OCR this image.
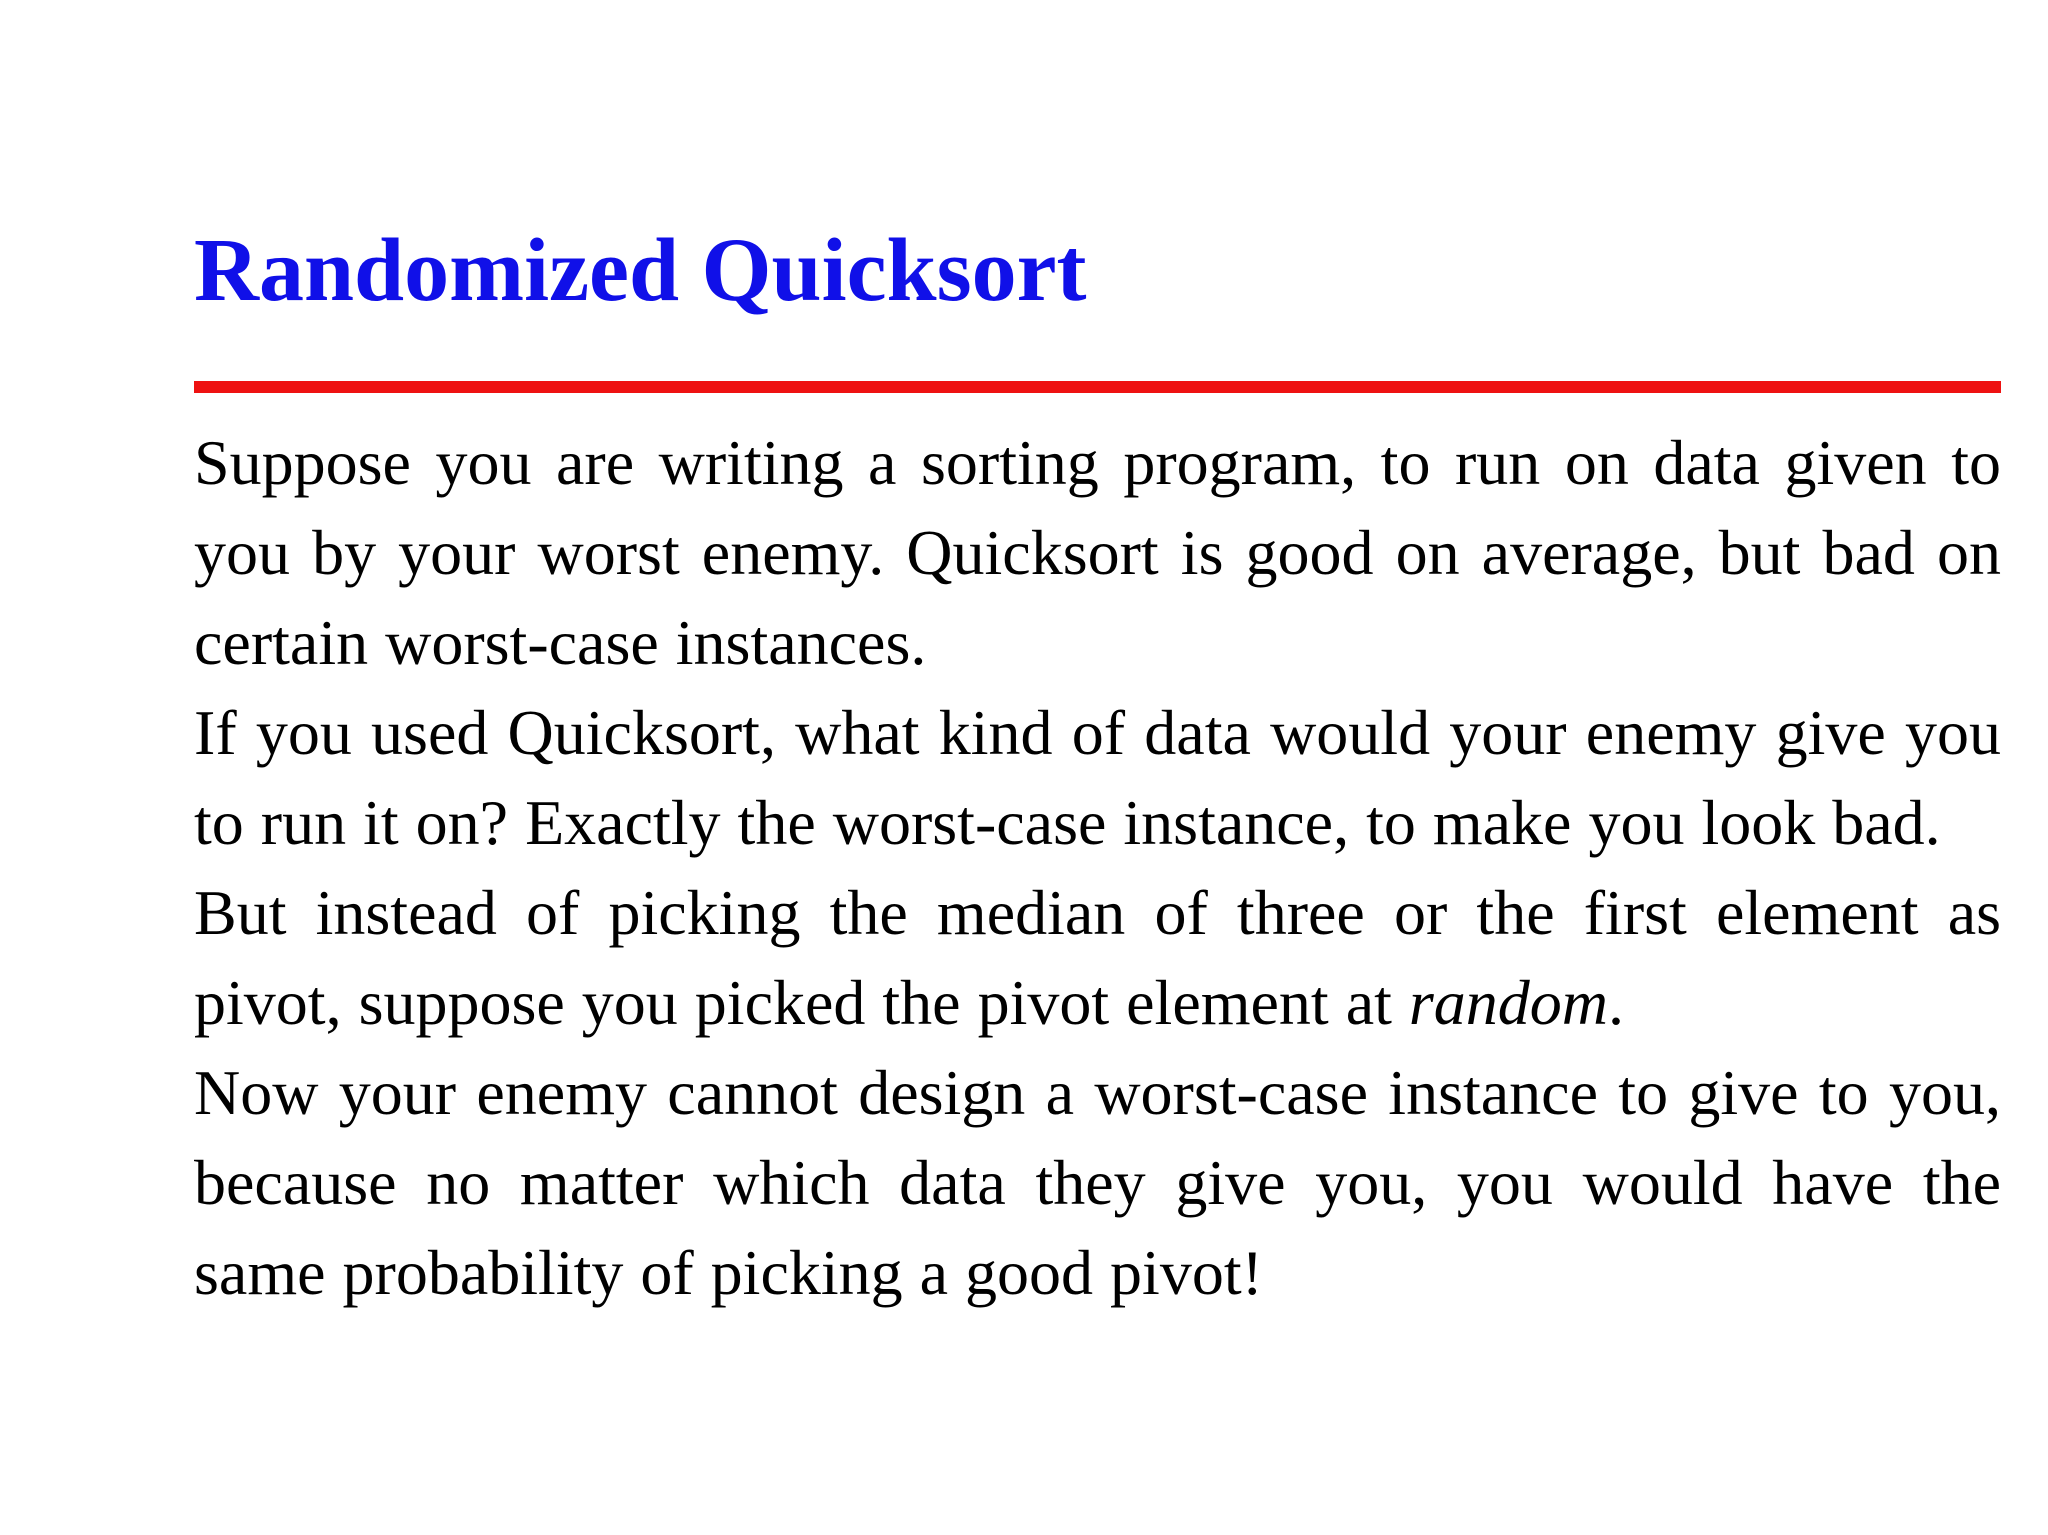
Randomized Quicksort

Suppose you are writing a sorting program, to run on data given to you by your worst enemy. Quicksort is good on average, but bad on certain worst-case instances.

If you used Quicksort, what kind of data would your enemy give you to run it on? Exactly the worst-case instance, to make you look bad.

But instead of picking the median of three or the first element as pivot, suppose you picked the pivot element at random.

Now your enemy cannot design a worst-case instance to give to you, because no matter which data they give you, you would have the same probability of picking a good pivot!
